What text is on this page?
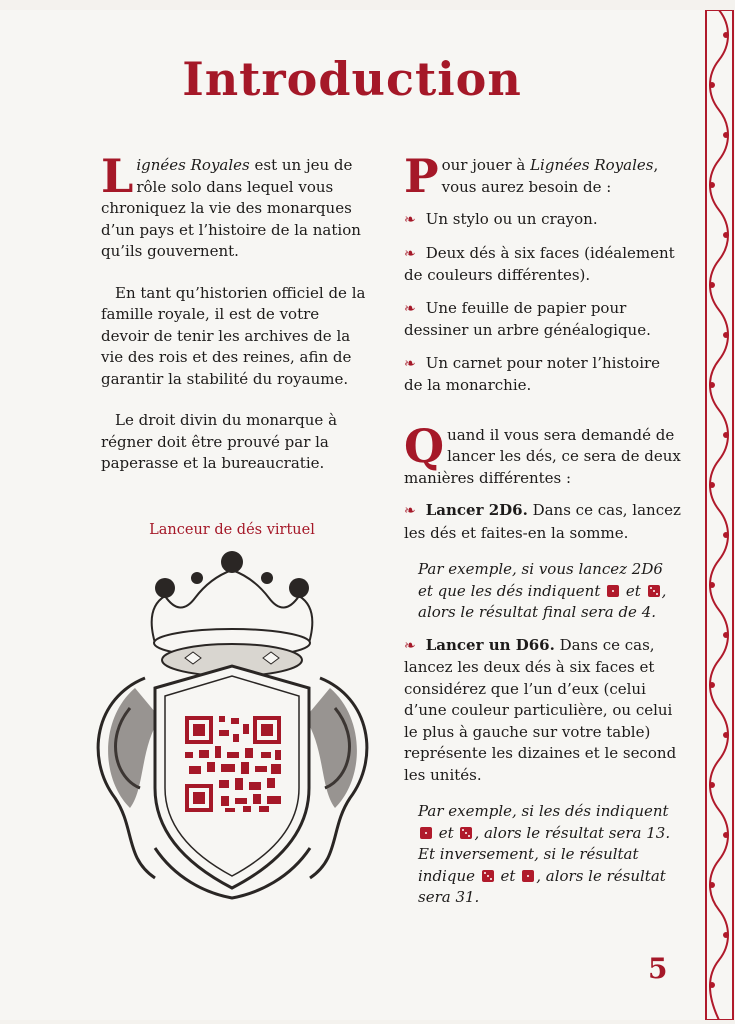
Introduction

Lignées Royales est un jeu de rôle solo dans lequel vous chroniquez la vie des monarques d’un pays et l’histoire de la nation qu’ils gouvernent.

En tant qu’historien officiel de la famille royale, il est de votre devoir de tenir les archives de la vie des rois et des reines, afin de garantir la stabilité du royaume.

Le droit divin du monarque à régner doit être prouvé par la paperasse et la bureaucratie.

Lanceur de dés virtuel

Pour jouer à Lignées Royales, vous aurez besoin de :

❧ Un stylo ou un crayon.

❧ Deux dés à six faces (idéalement de couleurs différentes).

❧ Une feuille de papier pour dessiner un arbre généalogique.

❧ Un carnet pour noter l’histoire de la monarchie.

Quand il vous sera demandé de lancer les dés, ce sera de deux manières différentes :

❧ Lancer 2D6. Dans ce cas, lancez les dés et faites-en la somme.

Par exemple, si vous lancez 2D6 et que les dés indiquent
et
, alors le résultat final sera de 4.

❧ Lancer un D66. Dans ce cas, lancez les deux dés à six faces et considérez que l’un d’eux (celui d’une couleur particulière, ou celui le plus à gauche sur votre table) représente les dizaines et le second les unités.

Par exemple, si les dés indiquent
et
, alors le résultat sera 13. Et inversement, si le résultat indique
et
, alors le résultat sera 31.

5
